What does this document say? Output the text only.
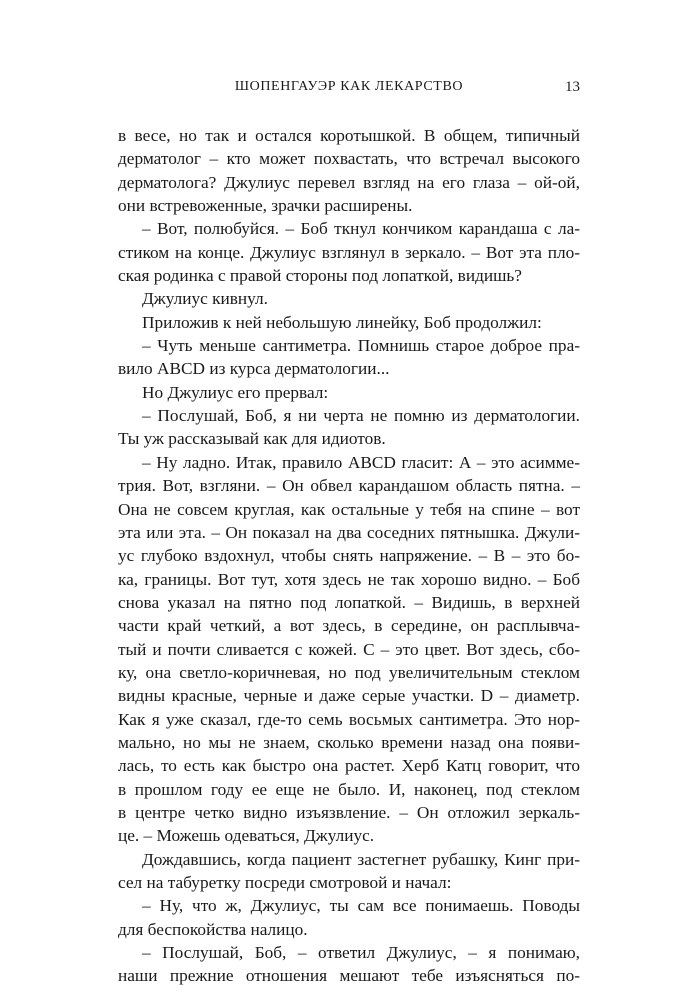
ШОПЕНГАУЭР КАК ЛЕКАРСТВО	13
в весе, но так и остался коротышкой. В общем, типичный
дерматолог – кто может похвастать, что встречал высокого
дерматолога? Джулиус перевел взгляд на его глаза – ой-ой,
они встревоженные, зрачки расширены.
– Вот, полюбуйся. – Боб ткнул кончиком карандаша с ла-
стиком на конце. Джулиус взглянул в зеркало. – Вот эта пло-
ская родинка с правой стороны под лопаткой, видишь?
Джулиус кивнул.
Приложив к ней небольшую линейку, Боб продолжил:
– Чуть меньше сантиметра. Помнишь старое доброе пра-
вило ABCD из курса дерматологии...
Но Джулиус его прервал:
– Послушай, Боб, я ни черта не помню из дерматологии.
Ты уж рассказывай как для идиотов.
– Ну ладно. Итак, правило ABCD гласит: А – это асимме-
трия. Вот, взгляни. – Он обвел карандашом область пятна. –
Она не совсем круглая, как остальные у тебя на спине – вот
эта или эта. – Он показал на два соседних пятнышка. Джули-
ус глубоко вздохнул, чтобы снять напряжение. – В – это бо-
ка, границы. Вот тут, хотя здесь не так хорошо видно. – Боб
снова указал на пятно под лопаткой. – Видишь, в верхней
части край четкий, а вот здесь, в середине, он расплывча-
тый и почти сливается с кожей. С – это цвет. Вот здесь, сбо-
ку, она светло-коричневая, но под увеличительным стеклом
видны красные, черные и даже серые участки. D – диаметр.
Как я уже сказал, где-то семь восьмых сантиметра. Это нор-
мально, но мы не знаем, сколько времени назад она появи-
лась, то есть как быстро она растет. Херб Катц говорит, что
в прошлом году ее еще не было. И, наконец, под стеклом
в центре четко видно изъязвление. – Он отложил зеркаль-
це. – Можешь одеваться, Джулиус.
Дождавшись, когда пациент застегнет рубашку, Кинг при-
сел на табуретку посреди смотровой и начал:
– Ну, что ж, Джулиус, ты сам все понимаешь. Поводы
для беспокойства налицо.
– Послушай, Боб, – ответил Джулиус, – я понимаю,
наши прежние отношения мешают тебе изъясняться по-
